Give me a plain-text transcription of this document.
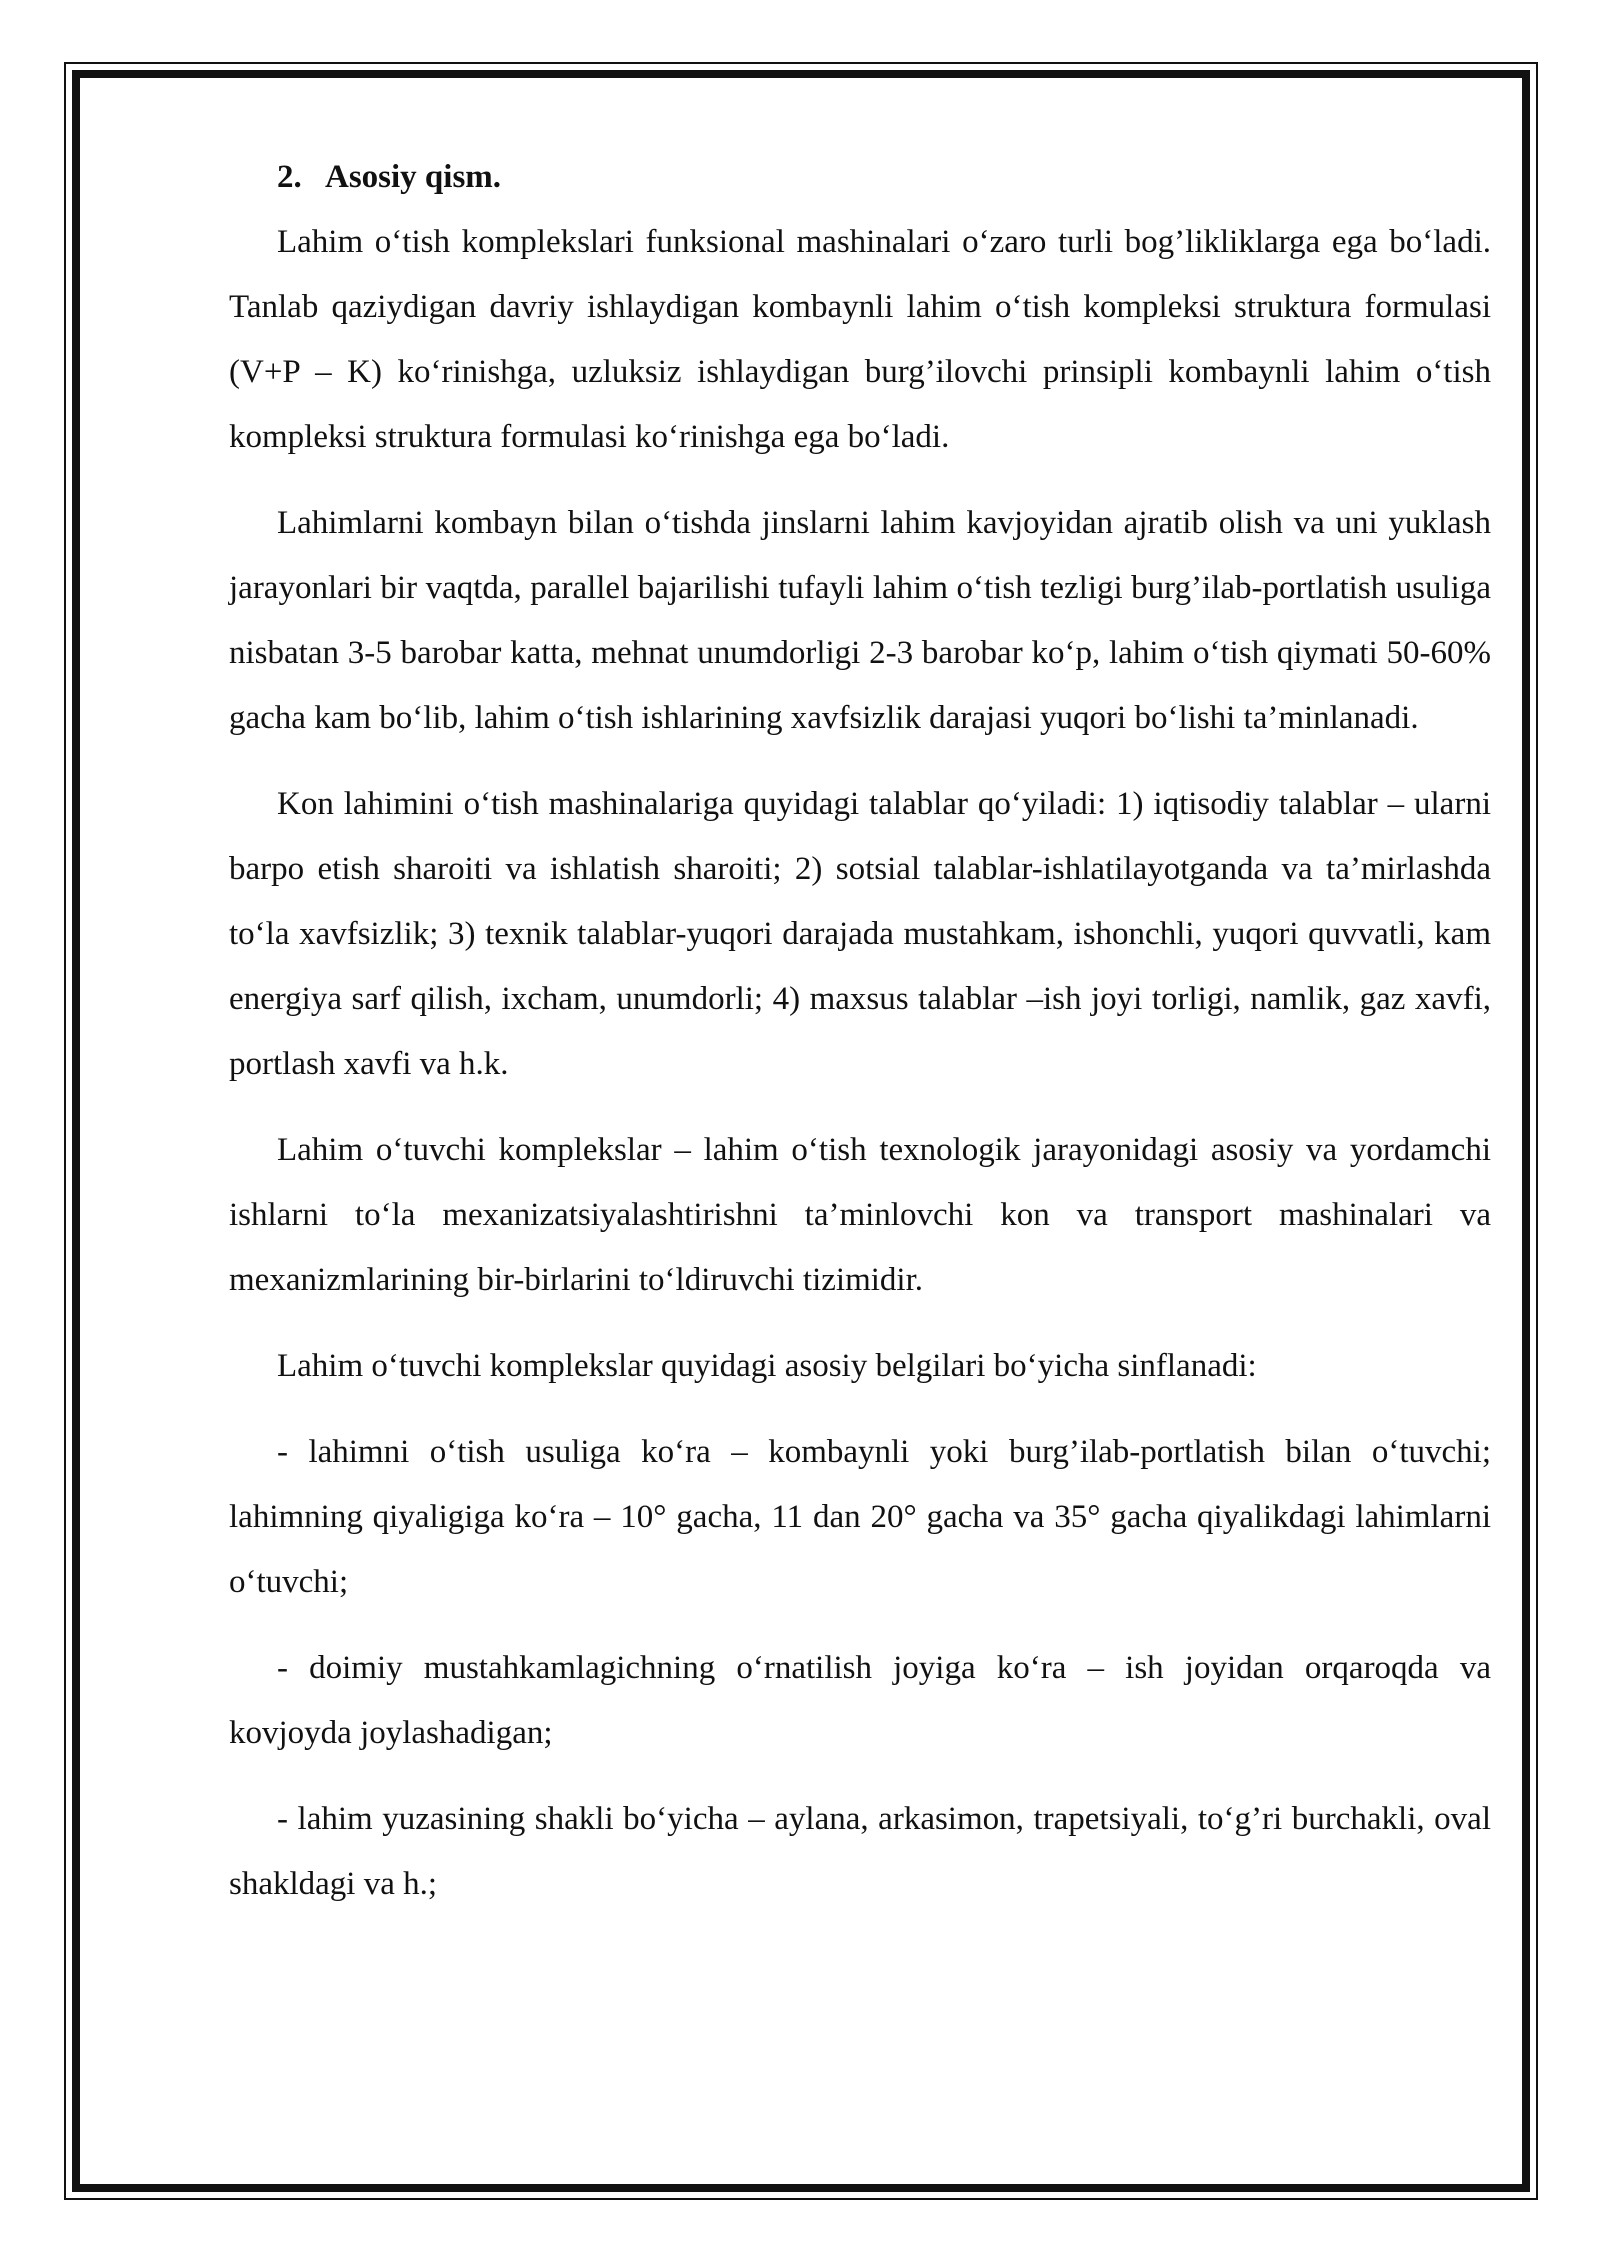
2. Asosiy qism.

Lahim o‘tish komplekslari funksional mashinalari o‘zaro turli bog’likliklarga ega bo‘ladi. Tanlab qaziydigan davriy ishlaydigan kombaynli lahim o‘tish kompleksi struktura formulasi (V+P – K) ko‘rinishga, uzluksiz ishlaydigan burg’ilovchi prinsipli kombaynli lahim o‘tish kompleksi struktura formulasi ko‘rinishga ega bo‘ladi.

Lahimlarni kombayn bilan o‘tishda jinslarni lahim kavjoyidan ajratib olish va uni yuklash jarayonlari bir vaqtda, parallel bajarilishi tufayli lahim o‘tish tezligi burg’ilab-portlatish usuliga nisbatan 3-5 barobar katta, mehnat unumdorligi 2-3 barobar ko‘p, lahim o‘tish qiymati 50-60% gacha kam bo‘lib, lahim o‘tish ishlarining xavfsizlik darajasi yuqori bo‘lishi ta’minlanadi.

Kon lahimini o‘tish mashinalariga quyidagi talablar qo‘yiladi: 1) iqtisodiy talablar – ularni barpo etish sharoiti va ishlatish sharoiti; 2) sotsial talablar-ishlatilayotganda va ta’mirlashda to‘la xavfsizlik; 3) texnik talablar-yuqori darajada mustahkam, ishonchli, yuqori quvvatli, kam energiya sarf qilish, ixcham, unumdorli; 4) maxsus talablar –ish joyi torligi, namlik, gaz xavfi, portlash xavfi va h.k.

Lahim o‘tuvchi komplekslar – lahim o‘tish texnologik jarayonidagi asosiy va yordamchi ishlarni to‘la mexanizatsiyalashtirishni ta’minlovchi kon va transport mashinalari va mexanizmlarining bir-birlarini to‘ldiruvchi tizimidir.

Lahim o‘tuvchi komplekslar quyidagi asosiy belgilari bo‘yicha sinflanadi:

- lahimni o‘tish usuliga ko‘ra – kombaynli yoki burg’ilab-portlatish bilan o‘tuvchi; lahimning qiyaligiga ko‘ra – 10° gacha, 11 dan 20° gacha va 35° gacha qiyalikdagi lahimlarni o‘tuvchi;

- doimiy mustahkamlagichning o‘rnatilish joyiga ko‘ra – ish joyidan orqaroqda va kovjoyda joylashadigan;

- lahim yuzasining shakli bo‘yicha – aylana, arkasimon, trapetsiyali, to‘g’ri burchakli, oval shakldagi va h.;
